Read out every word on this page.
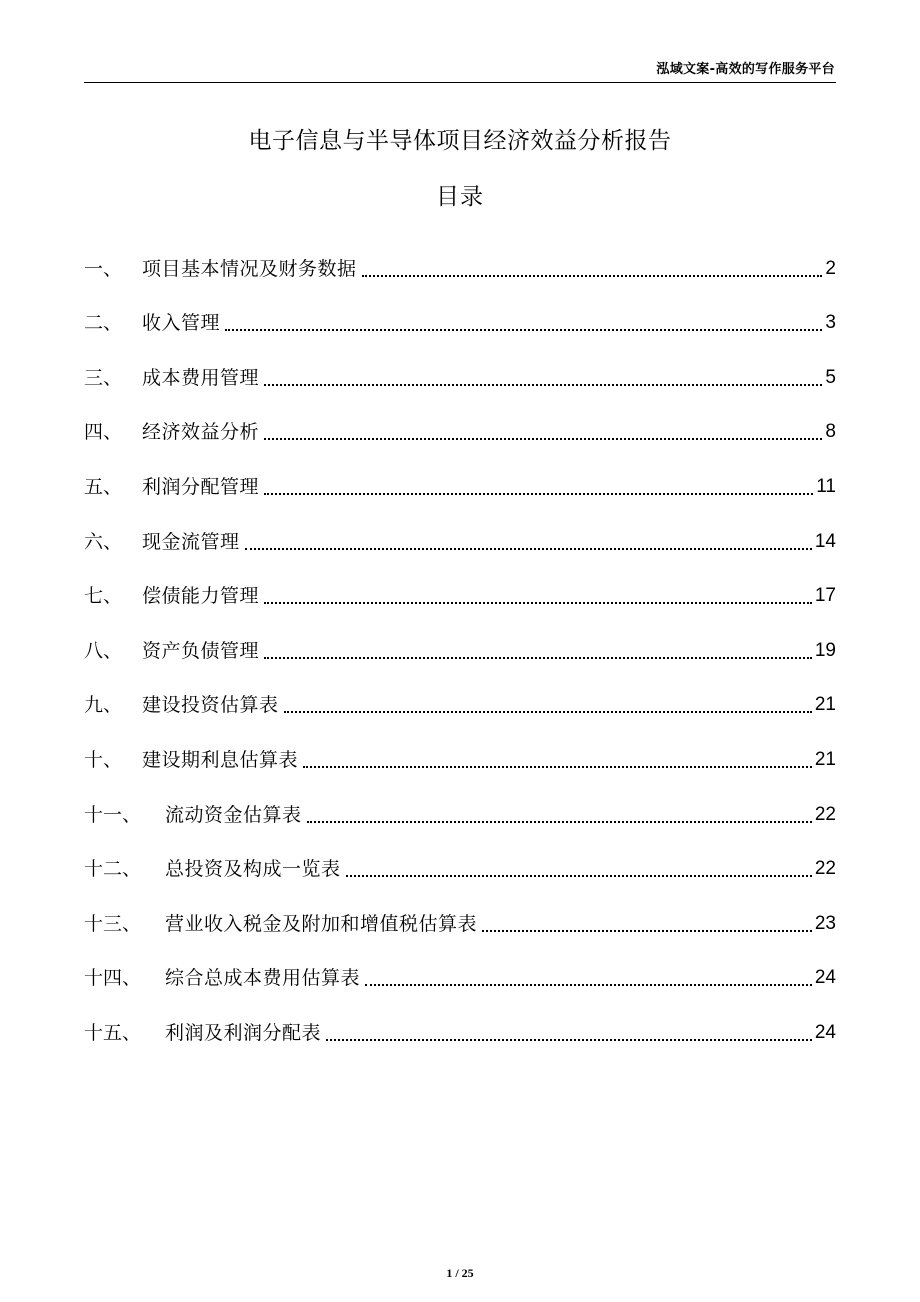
泓域文案-高效的写作服务平台
电子信息与半导体项目经济效益分析报告
目录
一、	项目基本情况及财务数据	2
二、	收入管理	3
三、	成本费用管理	5
四、	经济效益分析	8
五、	利润分配管理	11
六、	现金流管理	14
七、	偿债能力管理	17
八、	资产负债管理	19
九、	建设投资估算表	21
十、	建设期利息估算表	21
十一、	流动资金估算表	22
十二、	总投资及构成一览表	22
十三、	营业收入税金及附加和增值税估算表	23
十四、	综合总成本费用估算表	24
十五、	利润及利润分配表	24
1 / 25
